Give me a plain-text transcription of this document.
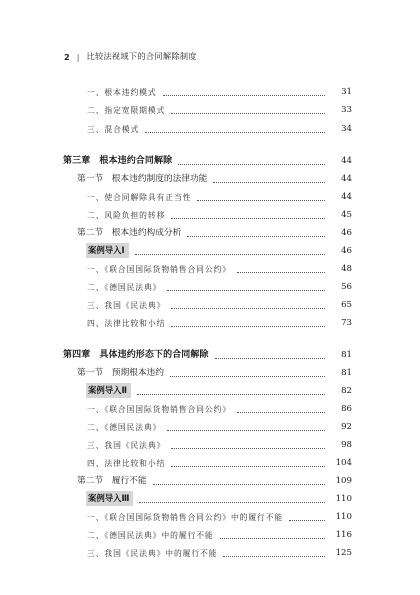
2 | 比较法视域下的合同解除制度
一、根本违约模式	31
二、指定宽限期模式	33
三、混合模式	34
第三章　根本违约合同解除	44
第一节　根本违约制度的法律功能	44
一、使合同解除具有正当性	44
二、风险负担的转移	45
第二节　根本违约构成分析	46
案例导入Ⅰ	46
一、《联合国国际货物销售合同公约》	48
二、《德国民法典》	56
三、我国《民法典》	65
四、法律比较和小结	73
第四章　具体违约形态下的合同解除	81
第一节　预期根本违约	81
案例导入Ⅱ	82
一、《联合国国际货物销售合同公约》	86
二、《德国民法典》	92
三、我国《民法典》	98
四、法律比较和小结	104
第二节　履行不能	109
案例导入Ⅲ	110
一、《联合国国际货物销售合同公约》中的履行不能	110
二、《德国民法典》中的履行不能	116
三、我国《民法典》中的履行不能	125
